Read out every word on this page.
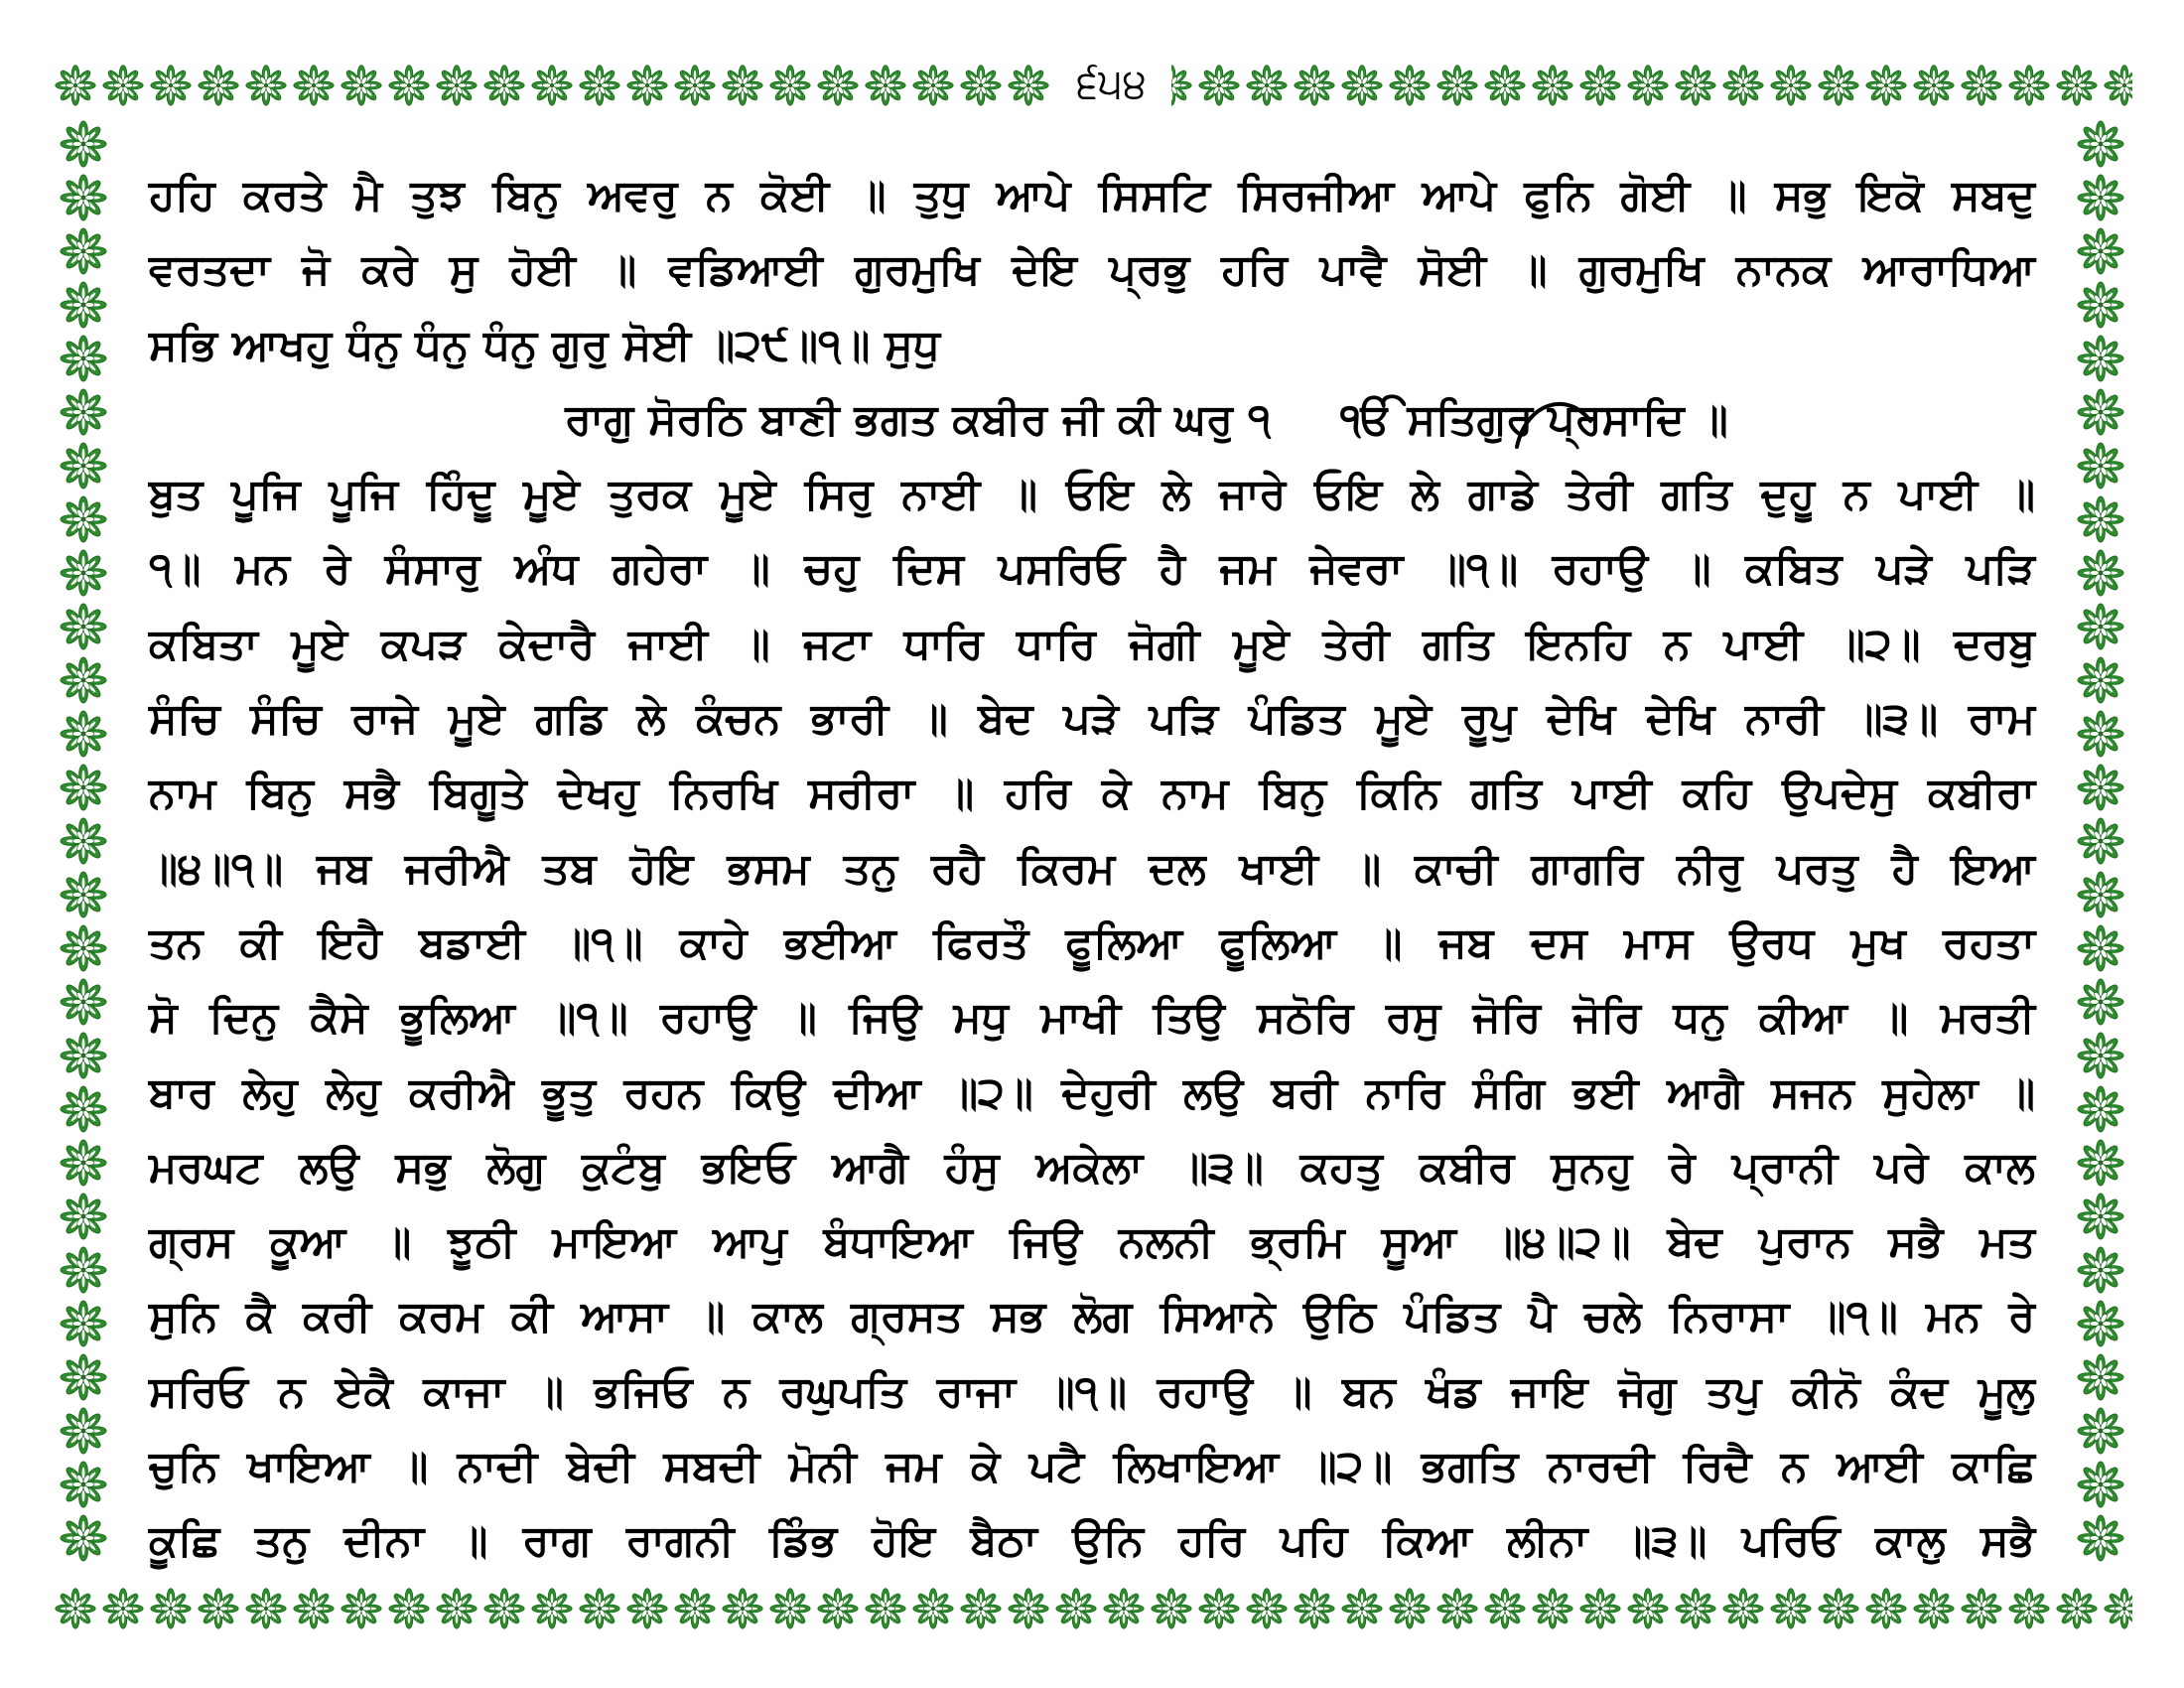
੬੫੪
ਹਹਿ ਕਰਤੇ ਮੈ ਤੁਝ ਬਿਨੁ ਅਵਰੁ ਨ ਕੋਈ ॥ ਤੁਧੁ ਆਪੇ ਸਿਸਟਿ ਸਿਰਜੀਆ ਆਪੇ ਫੁਨਿ ਗੋਈ ॥ ਸਭੁ ਇਕੋ ਸਬਦੁ
ਵਰਤਦਾ ਜੋ ਕਰੇ ਸੁ ਹੋਈ ॥ ਵਡਿਆਈ ਗੁਰਮੁਖਿ ਦੇਇ ਪ੍ਰਭੁ ਹਰਿ ਪਾਵੈ ਸੋਈ ॥ ਗੁਰਮੁਖਿ ਨਾਨਕ ਆਰਾਧਿਆ
ਸਭਿ ਆਖਹੁ ਧੰਨੁ ਧੰਨੁ ਧੰਨੁ ਗੁਰੁ ਸੋਈ ॥੨੯॥੧॥ ਸੁਧੁ
ਰਾਗੁ ਸੋਰਠਿ ਬਾਣੀ ਭਗਤ ਕਬੀਰ ਜੀ ਕੀ ਘਰੁ ੧ ੴ ਸਤਿਗੁਰ ਪ੍ਰਸਾਦਿ ॥
ਬੁਤ ਪੂਜਿ ਪੂਜਿ ਹਿੰਦੂ ਮੂਏ ਤੁਰਕ ਮੂਏ ਸਿਰੁ ਨਾਈ ॥ ਓਇ ਲੇ ਜਾਰੇ ਓਇ ਲੇ ਗਾਡੇ ਤੇਰੀ ਗਤਿ ਦੁਹੂ ਨ ਪਾਈ ॥
੧॥ ਮਨ ਰੇ ਸੰਸਾਰੁ ਅੰਧ ਗਹੇਰਾ ॥ ਚਹੁ ਦਿਸ ਪਸਰਿਓ ਹੈ ਜਮ ਜੇਵਰਾ ॥੧॥ ਰਹਾਉ ॥ ਕਬਿਤ ਪੜੇ ਪੜਿ
ਕਬਿਤਾ ਮੂਏ ਕਪੜ ਕੇਦਾਰੈ ਜਾਈ ॥ ਜਟਾ ਧਾਰਿ ਧਾਰਿ ਜੋਗੀ ਮੂਏ ਤੇਰੀ ਗਤਿ ਇਨਹਿ ਨ ਪਾਈ ॥੨॥ ਦਰਬੁ
ਸੰਚਿ ਸੰਚਿ ਰਾਜੇ ਮੂਏ ਗਡਿ ਲੇ ਕੰਚਨ ਭਾਰੀ ॥ ਬੇਦ ਪੜੇ ਪੜਿ ਪੰਡਿਤ ਮੂਏ ਰੂਪੁ ਦੇਖਿ ਦੇਖਿ ਨਾਰੀ ॥੩॥ ਰਾਮ
ਨਾਮ ਬਿਨੁ ਸਭੈ ਬਿਗੂਤੇ ਦੇਖਹੁ ਨਿਰਖਿ ਸਰੀਰਾ ॥ ਹਰਿ ਕੇ ਨਾਮ ਬਿਨੁ ਕਿਨਿ ਗਤਿ ਪਾਈ ਕਹਿ ਉਪਦੇਸੁ ਕਬੀਰਾ
॥੪॥੧॥ ਜਬ ਜਰੀਐ ਤਬ ਹੋਇ ਭਸਮ ਤਨੁ ਰਹੈ ਕਿਰਮ ਦਲ ਖਾਈ ॥ ਕਾਚੀ ਗਾਗਰਿ ਨੀਰੁ ਪਰਤੁ ਹੈ ਇਆ
ਤਨ ਕੀ ਇਹੈ ਬਡਾਈ ॥੧॥ ਕਾਹੇ ਭਈਆ ਫਿਰਤੌ ਫੂਲਿਆ ਫੂਲਿਆ ॥ ਜਬ ਦਸ ਮਾਸ ਉਰਧ ਮੁਖ ਰਹਤਾ
ਸੋ ਦਿਨੁ ਕੈਸੇ ਭੂਲਿਆ ॥੧॥ ਰਹਾਉ ॥ ਜਿਉ ਮਧੁ ਮਾਖੀ ਤਿਉ ਸਠੋਰਿ ਰਸੁ ਜੋਰਿ ਜੋਰਿ ਧਨੁ ਕੀਆ ॥ ਮਰਤੀ
ਬਾਰ ਲੇਹੁ ਲੇਹੁ ਕਰੀਐ ਭੂਤੁ ਰਹਨ ਕਿਉ ਦੀਆ ॥੨॥ ਦੇਹੁਰੀ ਲਉ ਬਰੀ ਨਾਰਿ ਸੰਗਿ ਭਈ ਆਗੈ ਸਜਨ ਸੁਹੇਲਾ ॥
ਮਰਘਟ ਲਉ ਸਭੁ ਲੋਗੁ ਕੁਟੰਬੁ ਭਇਓ ਆਗੈ ਹੰਸੁ ਅਕੇਲਾ ॥੩॥ ਕਹਤੁ ਕਬੀਰ ਸੁਨਹੁ ਰੇ ਪ੍ਰਾਨੀ ਪਰੇ ਕਾਲ
ਗ੍ਰਸ ਕੂਆ ॥ ਝੂਠੀ ਮਾਇਆ ਆਪੁ ਬੰਧਾਇਆ ਜਿਉ ਨਲਨੀ ਭ੍ਰਮਿ ਸੂਆ ॥੪॥੨॥ ਬੇਦ ਪੁਰਾਨ ਸਭੈ ਮਤ
ਸੁਨਿ ਕੈ ਕਰੀ ਕਰਮ ਕੀ ਆਸਾ ॥ ਕਾਲ ਗ੍ਰਸਤ ਸਭ ਲੋਗ ਸਿਆਨੇ ਉਠਿ ਪੰਡਿਤ ਪੈ ਚਲੇ ਨਿਰਾਸਾ ॥੧॥ ਮਨ ਰੇ
ਸਰਿਓ ਨ ਏਕੈ ਕਾਜਾ ॥ ਭਜਿਓ ਨ ਰਘੁਪਤਿ ਰਾਜਾ ॥੧॥ ਰਹਾਉ ॥ ਬਨ ਖੰਡ ਜਾਇ ਜੋਗੁ ਤਪੁ ਕੀਨੋ ਕੰਦ ਮੂਲੁ
ਚੁਨਿ ਖਾਇਆ ॥ ਨਾਦੀ ਬੇਦੀ ਸਬਦੀ ਮੋਨੀ ਜਮ ਕੇ ਪਟੈ ਲਿਖਾਇਆ ॥੨॥ ਭਗਤਿ ਨਾਰਦੀ ਰਿਦੈ ਨ ਆਈ ਕਾਛਿ
ਕੂਛਿ ਤਨੁ ਦੀਨਾ ॥ ਰਾਗ ਰਾਗਨੀ ਡਿੰਭ ਹੋਇ ਬੈਠਾ ਉਨਿ ਹਰਿ ਪਹਿ ਕਿਆ ਲੀਨਾ ॥੩॥ ਪਰਿਓ ਕਾਲੁ ਸਭੈ
